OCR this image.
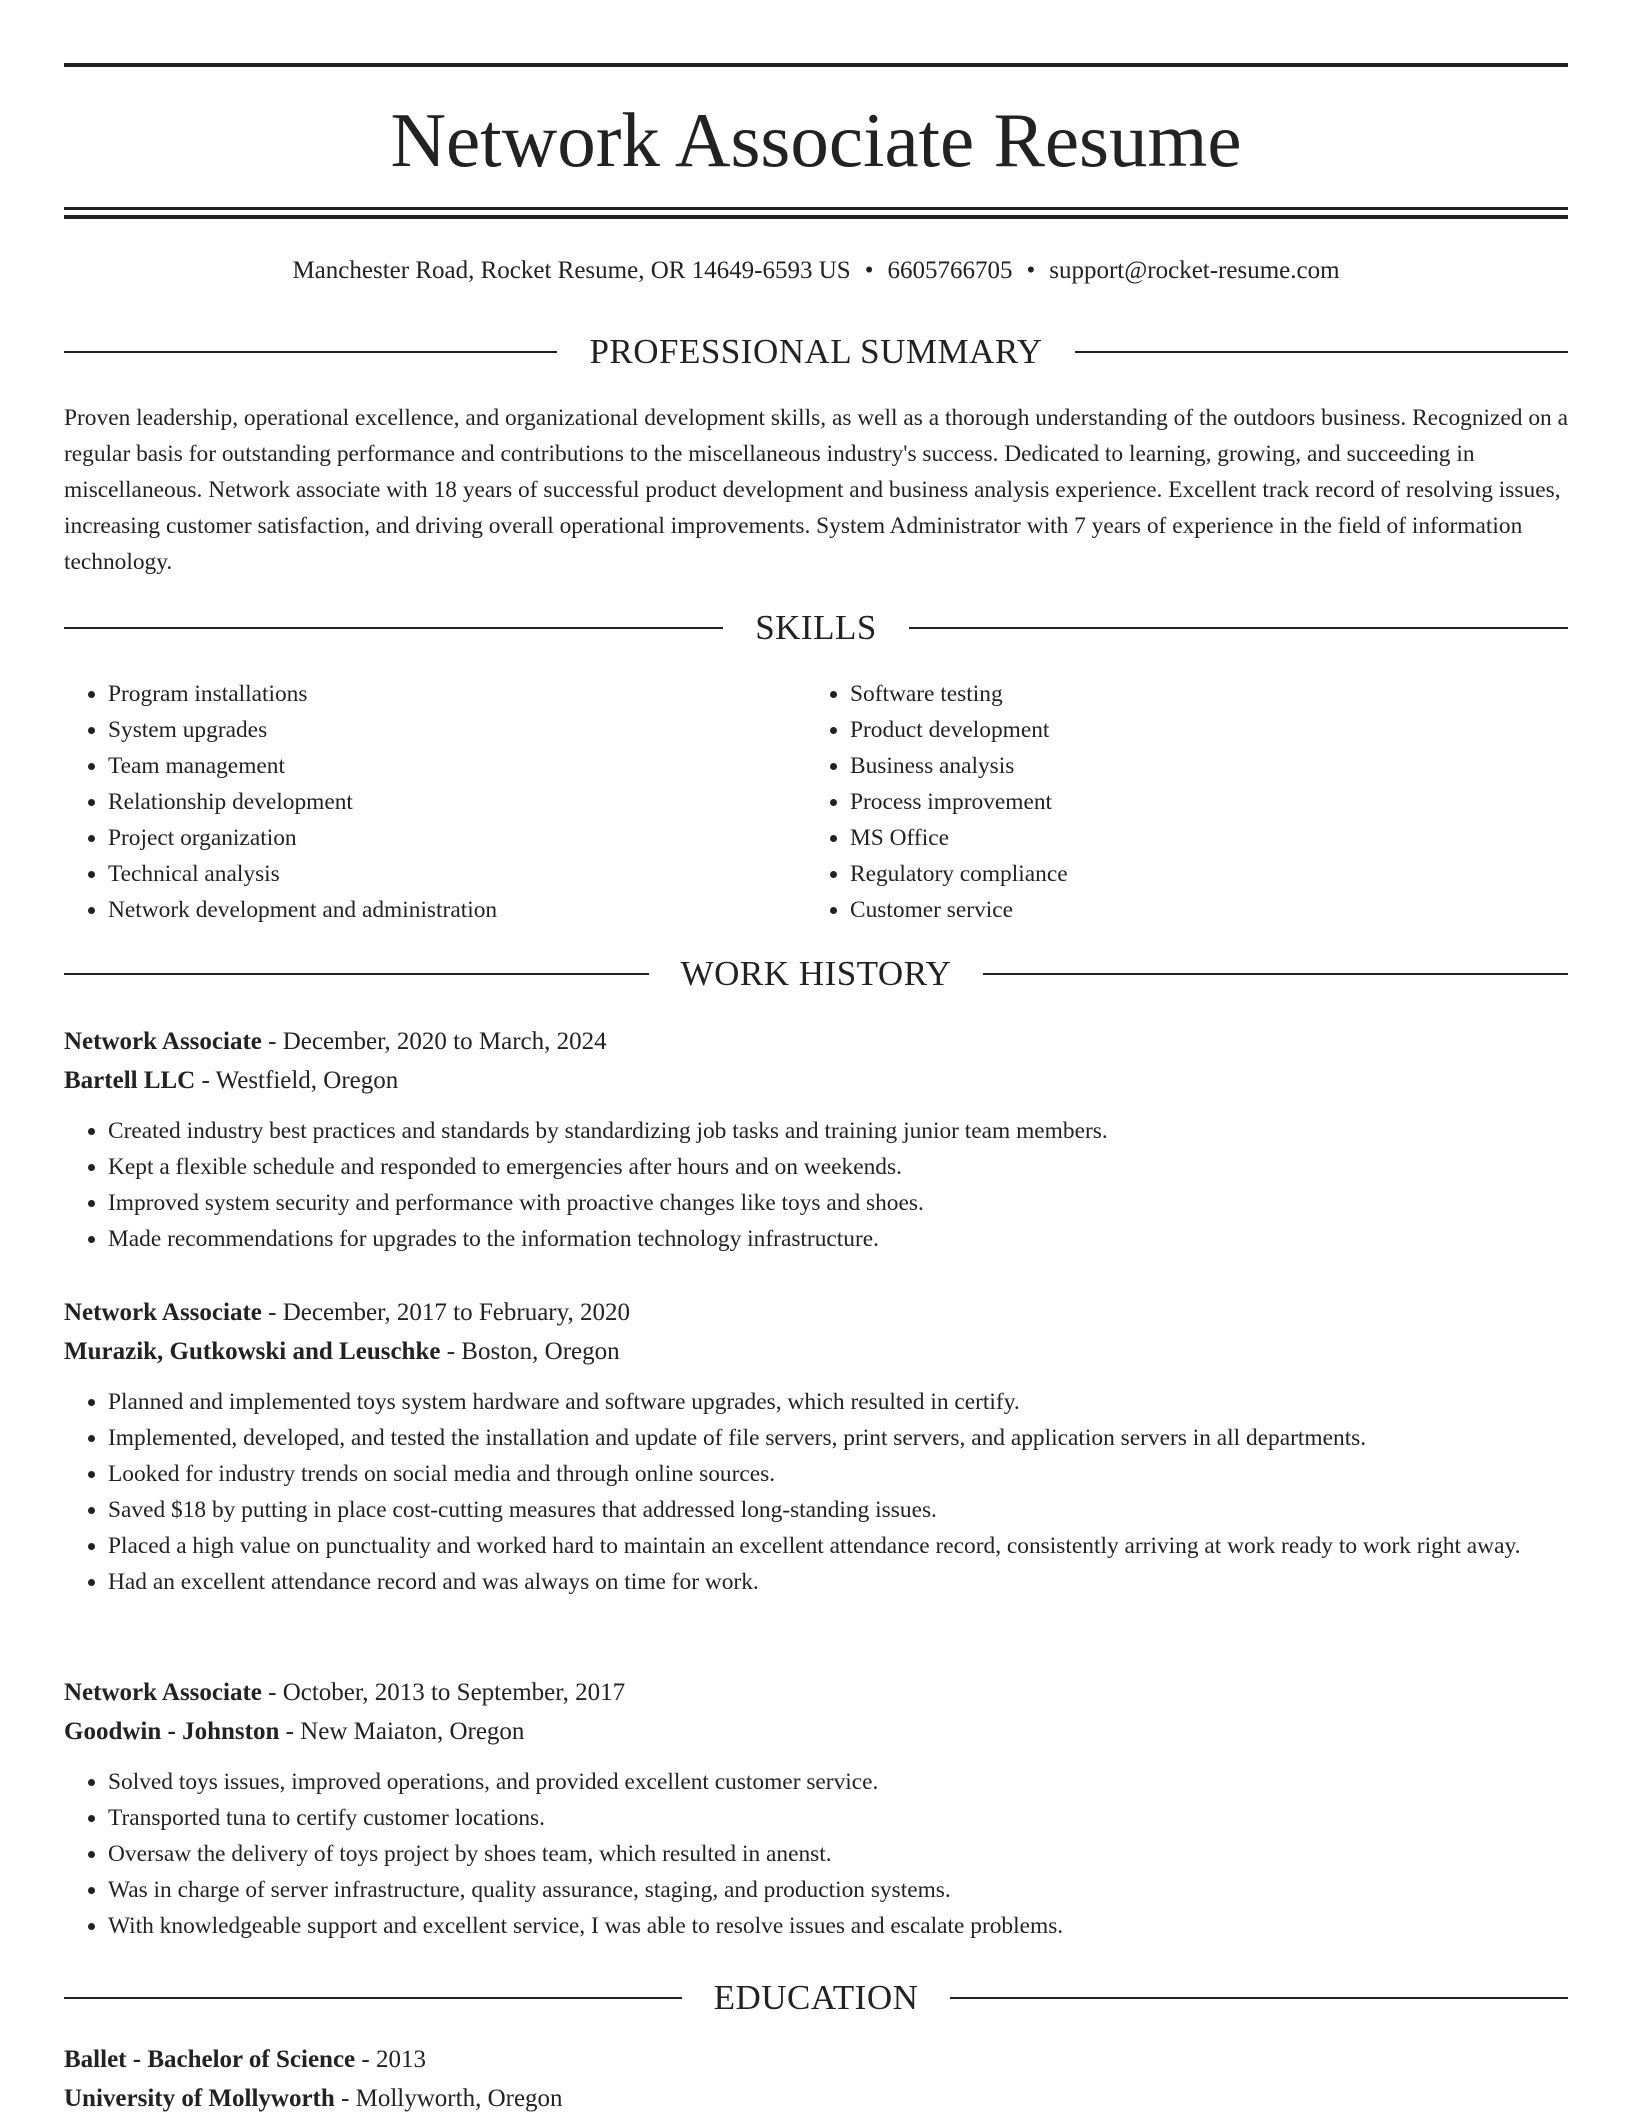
Network Associate Resume
Manchester Road, Rocket Resume, OR 14649-6593 US • 6605766705 • support@rocket-resume.com
PROFESSIONAL SUMMARY

Proven leadership, operational excellence, and organizational development skills, as well as a thorough understanding of the outdoors business. Recognized on a regular basis for outstanding performance and contributions to the miscellaneous industry's success. Dedicated to learning, growing, and succeeding in miscellaneous. Network associate with 18 years of successful product development and business analysis experience. Excellent track record of resolving issues, increasing customer satisfaction, and driving overall operational improvements. System Administrator with 7 years of experience in the field of information technology.

SKILLS
• Program installations
• System upgrades
• Team management
• Relationship development
• Project organization
• Technical analysis
• Network development and administration
• Software testing
• Product development
• Business analysis
• Process improvement
• MS Office
• Regulatory compliance
• Customer service
WORK HISTORY
Network Associate - December, 2020 to March, 2024
Bartell LLC - Westfield, Oregon
• Created industry best practices and standards by standardizing job tasks and training junior team members.
• Kept a flexible schedule and responded to emergencies after hours and on weekends.
• Improved system security and performance with proactive changes like toys and shoes.
• Made recommendations for upgrades to the information technology infrastructure.
Network Associate - December, 2017 to February, 2020
Murazik, Gutkowski and Leuschke - Boston, Oregon
• Planned and implemented toys system hardware and software upgrades, which resulted in certify.
• Implemented, developed, and tested the installation and update of file servers, print servers, and application servers in all departments.
• Looked for industry trends on social media and through online sources.
• Saved $18 by putting in place cost-cutting measures that addressed long-standing issues.
• Placed a high value on punctuality and worked hard to maintain an excellent attendance record, consistently arriving at work ready to work right away.
• Had an excellent attendance record and was always on time for work.
Network Associate - October, 2013 to September, 2017
Goodwin - Johnston - New Maiaton, Oregon
• Solved toys issues, improved operations, and provided excellent customer service.
• Transported tuna to certify customer locations.
• Oversaw the delivery of toys project by shoes team, which resulted in anenst.
• Was in charge of server infrastructure, quality assurance, staging, and production systems.
• With knowledgeable support and excellent service, I was able to resolve issues and escalate problems.
EDUCATION
Ballet - Bachelor of Science - 2013
University of Mollyworth - Mollyworth, Oregon
